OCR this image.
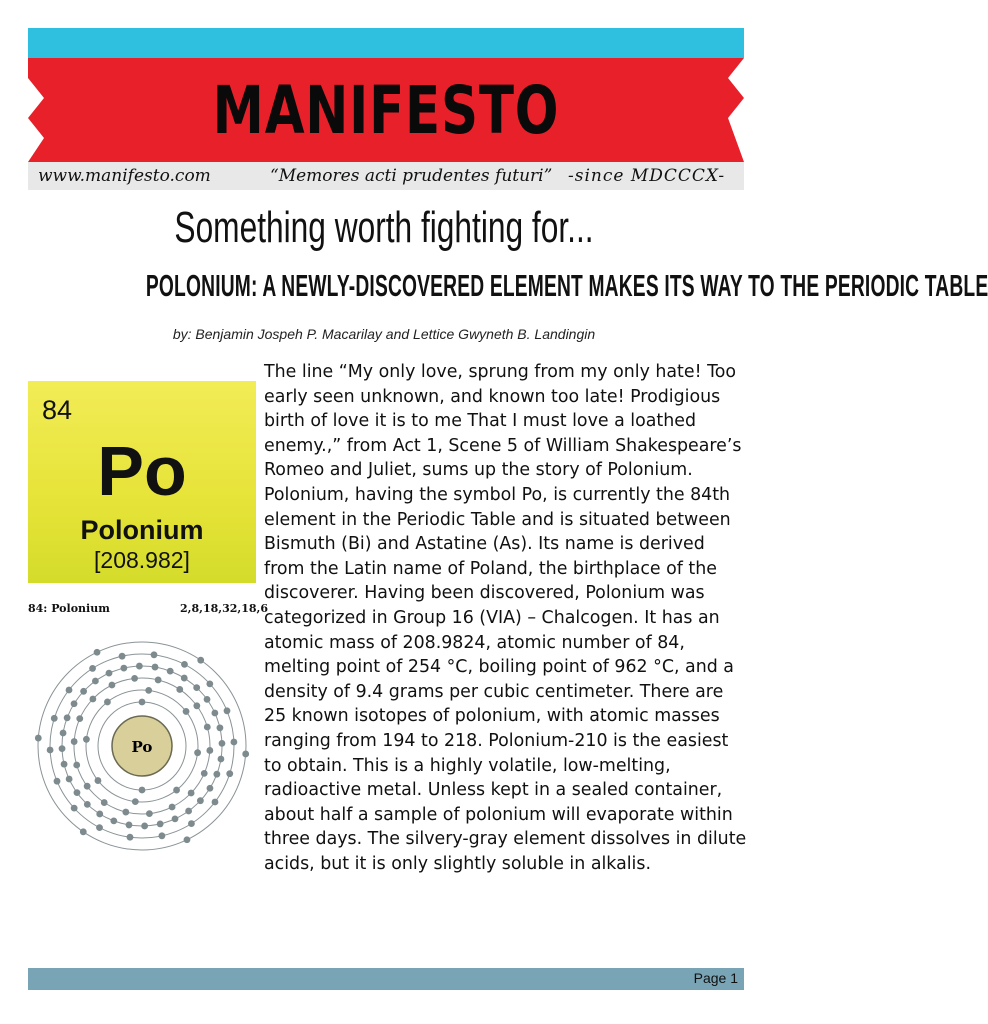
MANIFESTO
www.manifesto.com	“Memores acti prudentes futuri” -since MDCCCX-
Something worth fighting for...
POLONIUM: A NEWLY-DISCOVERED ELEMENT MAKES ITS WAY TO THE PERIODIC TABLE
by: Benjamin Jospeh P. Macarilay and Lettice Gwyneth B. Landingin
84
Po
Polonium
[208.982]
84: Polonium	2,8,18,32,18,6
Po

The line “My only love, sprung from my only hate! Too early seen unknown, and known too late! Prodigious birth of love it is to me That I must love a loathed enemy.,” from Act 1, Scene 5 of William Shakespeare’s Romeo and Juliet, sums up the story of Polonium.

Polonium, having the symbol Po, is currently the 84th element in the Periodic Table and is situated between Bismuth (Bi) and Astatine (As). Its name is derived from the Latin name of Poland, the birthplace of the discoverer. Having been discovered, Polonium was categorized in Group 16 (VIA) – Chalcogen. It has an atomic mass of 208.9824, atomic number of 84, melting point of 254 °C, boiling point of 962 °C, and a density of 9.4 grams per cubic centimeter. There are 25 known isotopes of polonium, with atomic masses ranging from 194 to 218. Polonium-210 is the easiest to obtain. This is a highly volatile, low-melting, radioactive metal. Unless kept in a sealed container, about half a sample of polonium will evaporate within three days. The silvery-gray element dissolves in dilute acids, but it is only slightly soluble in alkalis.

Page 1
